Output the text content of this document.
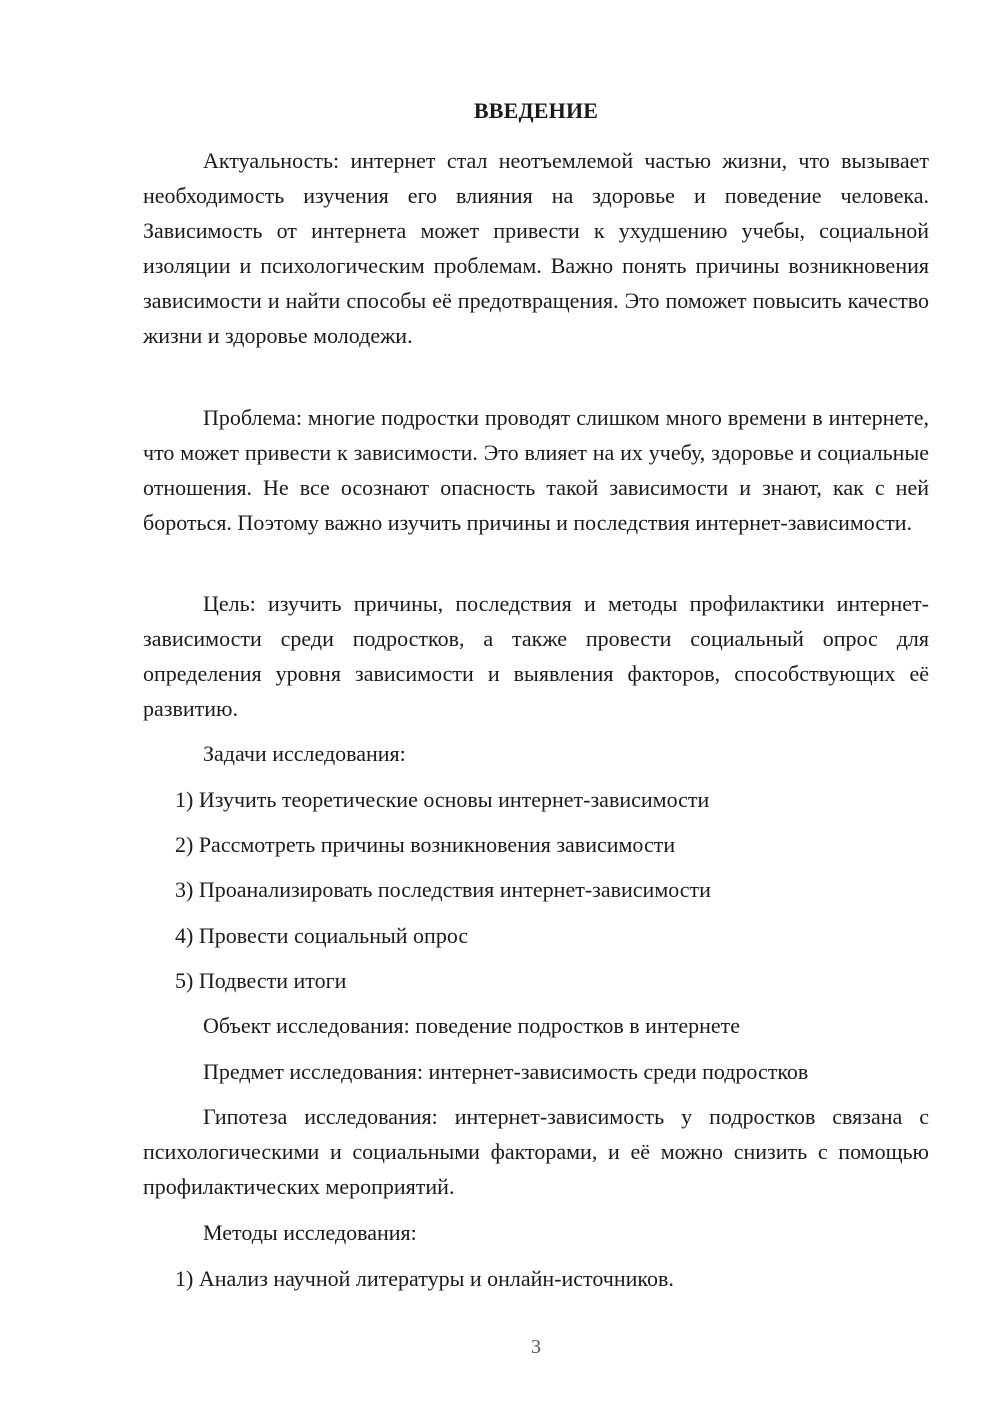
ВВЕДЕНИЕ

Актуальность: интернет стал неотъемлемой частью жизни, что вызывает необходимость изучения его влияния на здоровье и поведение человека. Зависимость от интернета может привести к ухудшению учебы, социальной изоляции и психологическим проблемам. Важно понять причины возникновения зависимости и найти способы её предотвращения. Это поможет повысить качество жизни и здоровье молодежи.

Проблема: многие подростки проводят слишком много времени в интернете, что может привести к зависимости. Это влияет на их учебу, здоровье и социальные отношения. Не все осознают опасность такой зависимости и знают, как с ней бороться. Поэтому важно изучить причины и последствия интернет-зависимости.

Цель: изучить причины, последствия и методы профилактики интернет-зависимости среди подростков, а также провести социальный опрос для определения уровня зависимости и выявления факторов, способствующих её развитию.

Задачи исследования:

1) Изучить теоретические основы интернет-зависимости

2) Рассмотреть причины возникновения зависимости

3) Проанализировать последствия интернет-зависимости

4) Провести социальный опрос

5) Подвести итоги

Объект исследования: поведение подростков в интернете

Предмет исследования: интернет-зависимость среди подростков

Гипотеза исследования: интернет-зависимость у подростков связана с психологическими и социальными факторами, и её можно снизить с помощью профилактических мероприятий.

Методы исследования:

1) Анализ научной литературы и онлайн-источников.

3
